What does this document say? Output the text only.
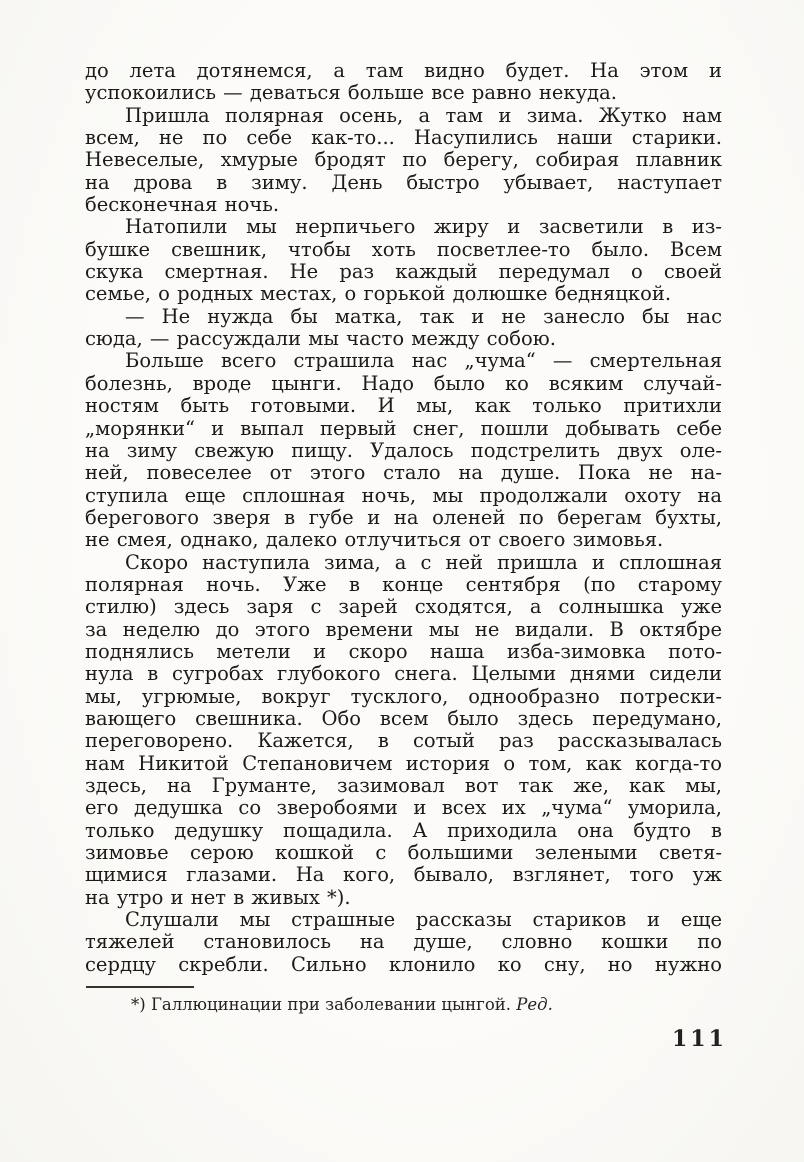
до лета дотянемся, а там видно будет. На этом и
успокоились — деваться больше все равно некуда.
Пришла полярная осень, а там и зима. Жутко нам
всем, не по себе как-то... Насупились наши старики.
Невеселые, хмурые бродят по берегу, собирая плавник
на дрова в зиму. День быстро убывает, наступает
бесконечная ночь.
Натопили мы нерпичьего жиру и засветили в из-
бушке свешник, чтобы хоть посветлее-то было. Всем
скука смертная. Не раз каждый передумал о своей
семье, о родных местах, о горькой долюшке бедняцкой.
— Не нужда бы матка, так и не занесло бы нас
сюда, — рассуждали мы часто между собою.
Больше всего страшила нас „чума“ — смертельная
болезнь, вроде цынги. Надо было ко всяким случай-
ностям быть готовыми. И мы, как только притихли
„морянки“ и выпал первый снег, пошли добывать себе
на зиму свежую пищу. Удалось подстрелить двух оле-
ней, повеселее от этого стало на душе. Пока не на-
ступила еще сплошная ночь, мы продолжали охоту на
берегового зверя в губе и на оленей по берегам бухты,
не смея, однако, далеко отлучиться от своего зимовья.
Скоро наступила зима, а с ней пришла и сплошная
полярная ночь. Уже в конце сентября (по старому
стилю) здесь заря с зарей сходятся, а солнышка уже
за неделю до этого времени мы не видали. В октябре
поднялись метели и скоро наша изба-зимовка пото-
нула в сугробах глубокого снега. Целыми днями сидели
мы, угрюмые, вокруг тусклого, однообразно потрески-
вающего свешника. Обо всем было здесь передумано,
переговорено. Кажется, в сотый раз рассказывалась
нам Никитой Степановичем история о том, как когда-то
здесь, на Груманте, зазимовал вот так же, как мы,
его дедушка со зверобоями и всех их „чума“ уморила,
только дедушку пощадила. А приходила она будто в
зимовье серою кошкой с большими зелеными светя-
щимися глазами. На кого, бывало, взглянет, того уж
на утро и нет в живых *).
Слушали мы страшные рассказы стариков и еще
тяжелей становилось на душе, словно кошки по
сердцу скребли. Сильно клонило ко сну, но нужно
*) Галлюцинации при заболевании цынгой. Ред.
111
